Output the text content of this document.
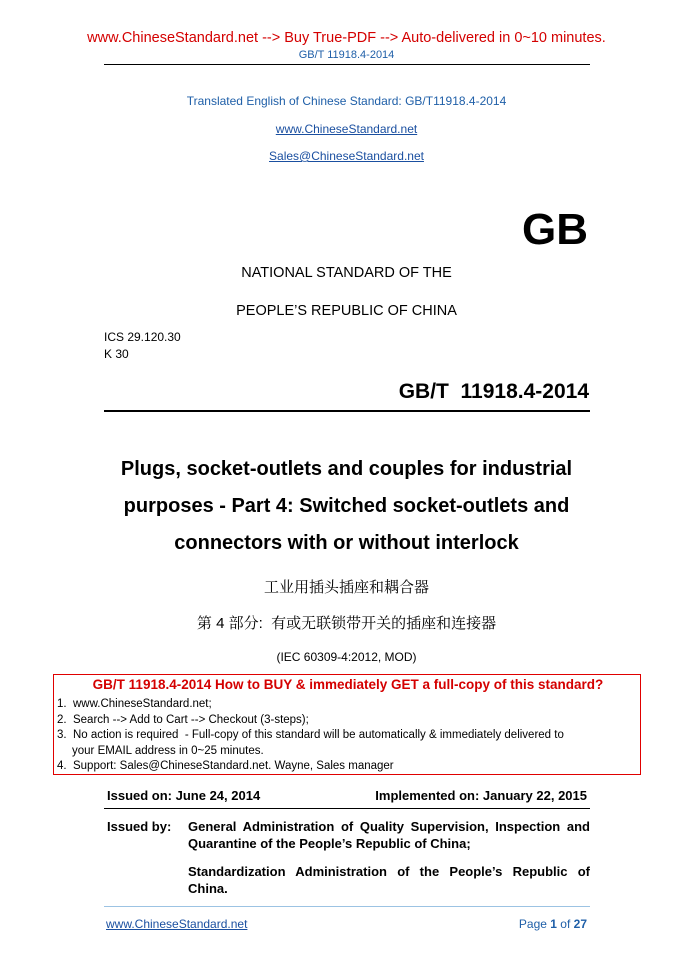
www.ChineseStandard.net --> Buy True-PDF --> Auto-delivered in 0~10 minutes.
GB/T 11918.4-2014
Translated English of Chinese Standard: GB/T11918.4-2014
www.ChineseStandard.net
Sales@ChineseStandard.net
GB
NATIONAL STANDARD OF THE
PEOPLE’S REPUBLIC OF CHINA
ICS 29.120.30
K 30
GB/T  11918.4-2014
Plugs, socket-outlets and couples for industrial
purposes - Part 4: Switched socket-outlets and
connectors with or without interlock
工业用插头插座和耦合器
第 4 部分:  有或无联锁带开关的插座和连接器
(IEC 60309-4:2012, MOD)
GB/T 11918.4-2014 How to BUY & immediately GET a full-copy of this standard?
1.  www.ChineseStandard.net;
2.  Search --> Add to Cart --> Checkout (3-steps);
3.  No action is required  - Full-copy of this standard will be automatically & immediately delivered to
your EMAIL address in 0~25 minutes.
4.  Support: Sales@ChineseStandard.net. Wayne, Sales manager
Issued on: June 24, 2014	Implemented on: January 22, 2015
Issued by: General Administration of Quality Supervision, Inspection and Quarantine of the People’s Republic of China;
Standardization Administration of the People’s Republic of China.
www.ChineseStandard.net	Page 1 of 27
